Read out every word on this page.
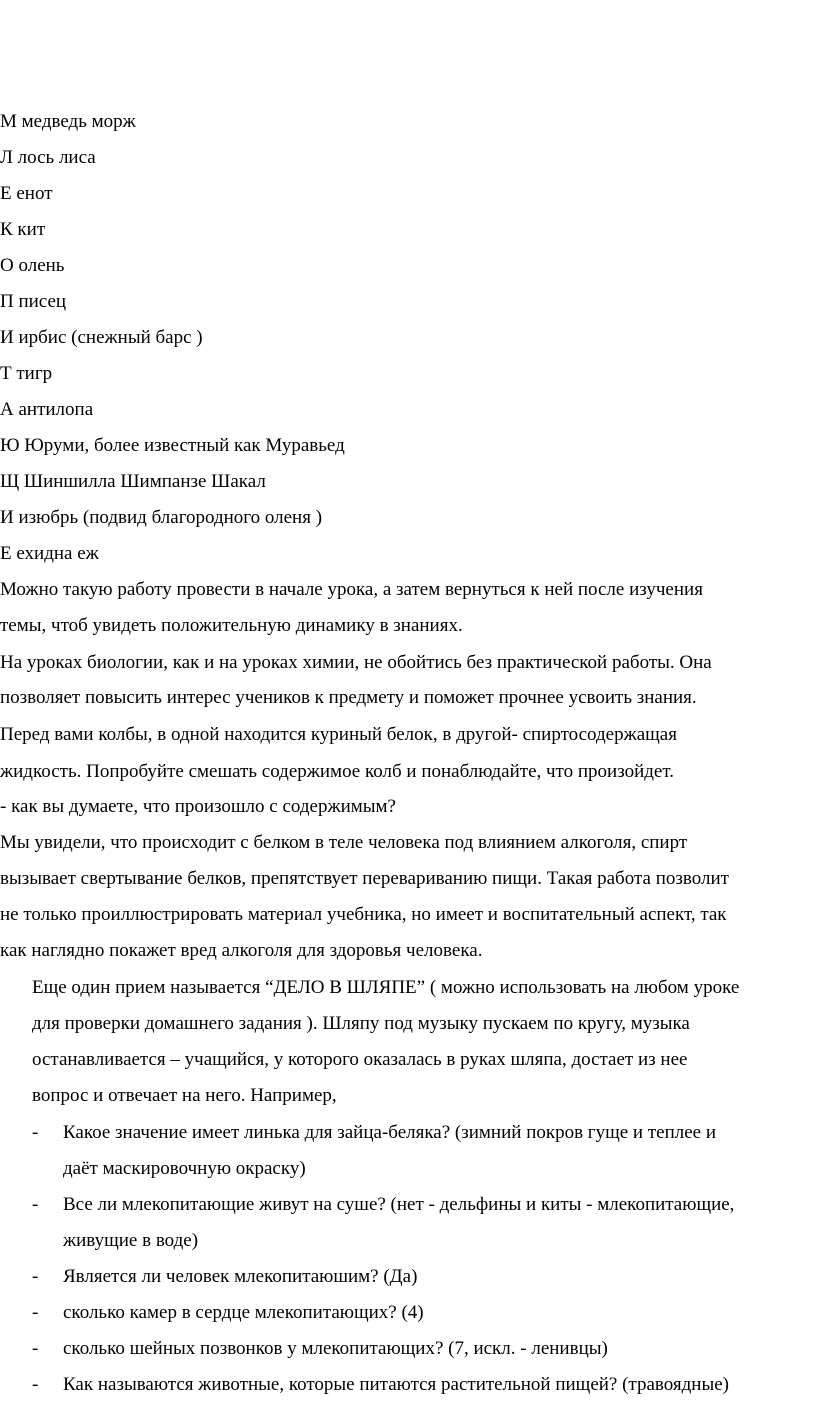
М медведь морж
Л лось лиса
Е енот
К кит
О олень
П писец
И ирбис (снежный барс )
Т тигр
А антилопа
Ю Юруми, более известный как Муравьед
Щ Шиншилла Шимпанзе Шакал
И изюбрь (подвид благородного оленя )
Е ехидна еж
Можно такую работу провести в начале урока, а затем вернуться к ней после изучения
темы, чтоб увидеть положительную динамику в знаниях.
На уроках биологии, как и на уроках химии, не обойтись без практической работы. Она
позволяет повысить интерес учеников к предмету и поможет прочнее усвоить знания.
Перед вами колбы, в одной находится куриный белок, в другой- спиртосодержащая
жидкость. Попробуйте смешать содержимое колб и понаблюдайте, что произойдет.
- как вы думаете, что произошло с содержимым?
Мы увидели, что происходит с белком в теле человека под влиянием алкоголя, спирт
вызывает свертывание белков, препятствует перевариванию пищи. Такая работа позволит
не только проиллюстрировать материал учебника, но имеет и воспитательный аспект, так
как наглядно покажет вред алкоголя для здоровья человека.
Еще один прием называется “ДЕЛО В ШЛЯПЕ” ( можно использовать на любом уроке
для проверки домашнего задания ). Шляпу под музыку пускаем по кругу, музыка
останавливается – учащийся, у которого оказалась в руках шляпа, достает из нее
вопрос и отвечает на него. Например,
- Какое значение имеет линька для зайца-беляка? (зимний покров гуще и теплее и
даёт маскировочную окраску)
- Все ли млекопитающие живут на суше? (нет - дельфины и киты - млекопитающие,
живущие в воде)
- Является ли человек млекопитаюшим? (Да)
- сколько камер в сердце млекопитающих? (4)
- сколько шейных позвонков у млекопитающих? (7, искл. - ленивцы)
- Как называются животные, которые питаются растительной пищей? (травоядные)
